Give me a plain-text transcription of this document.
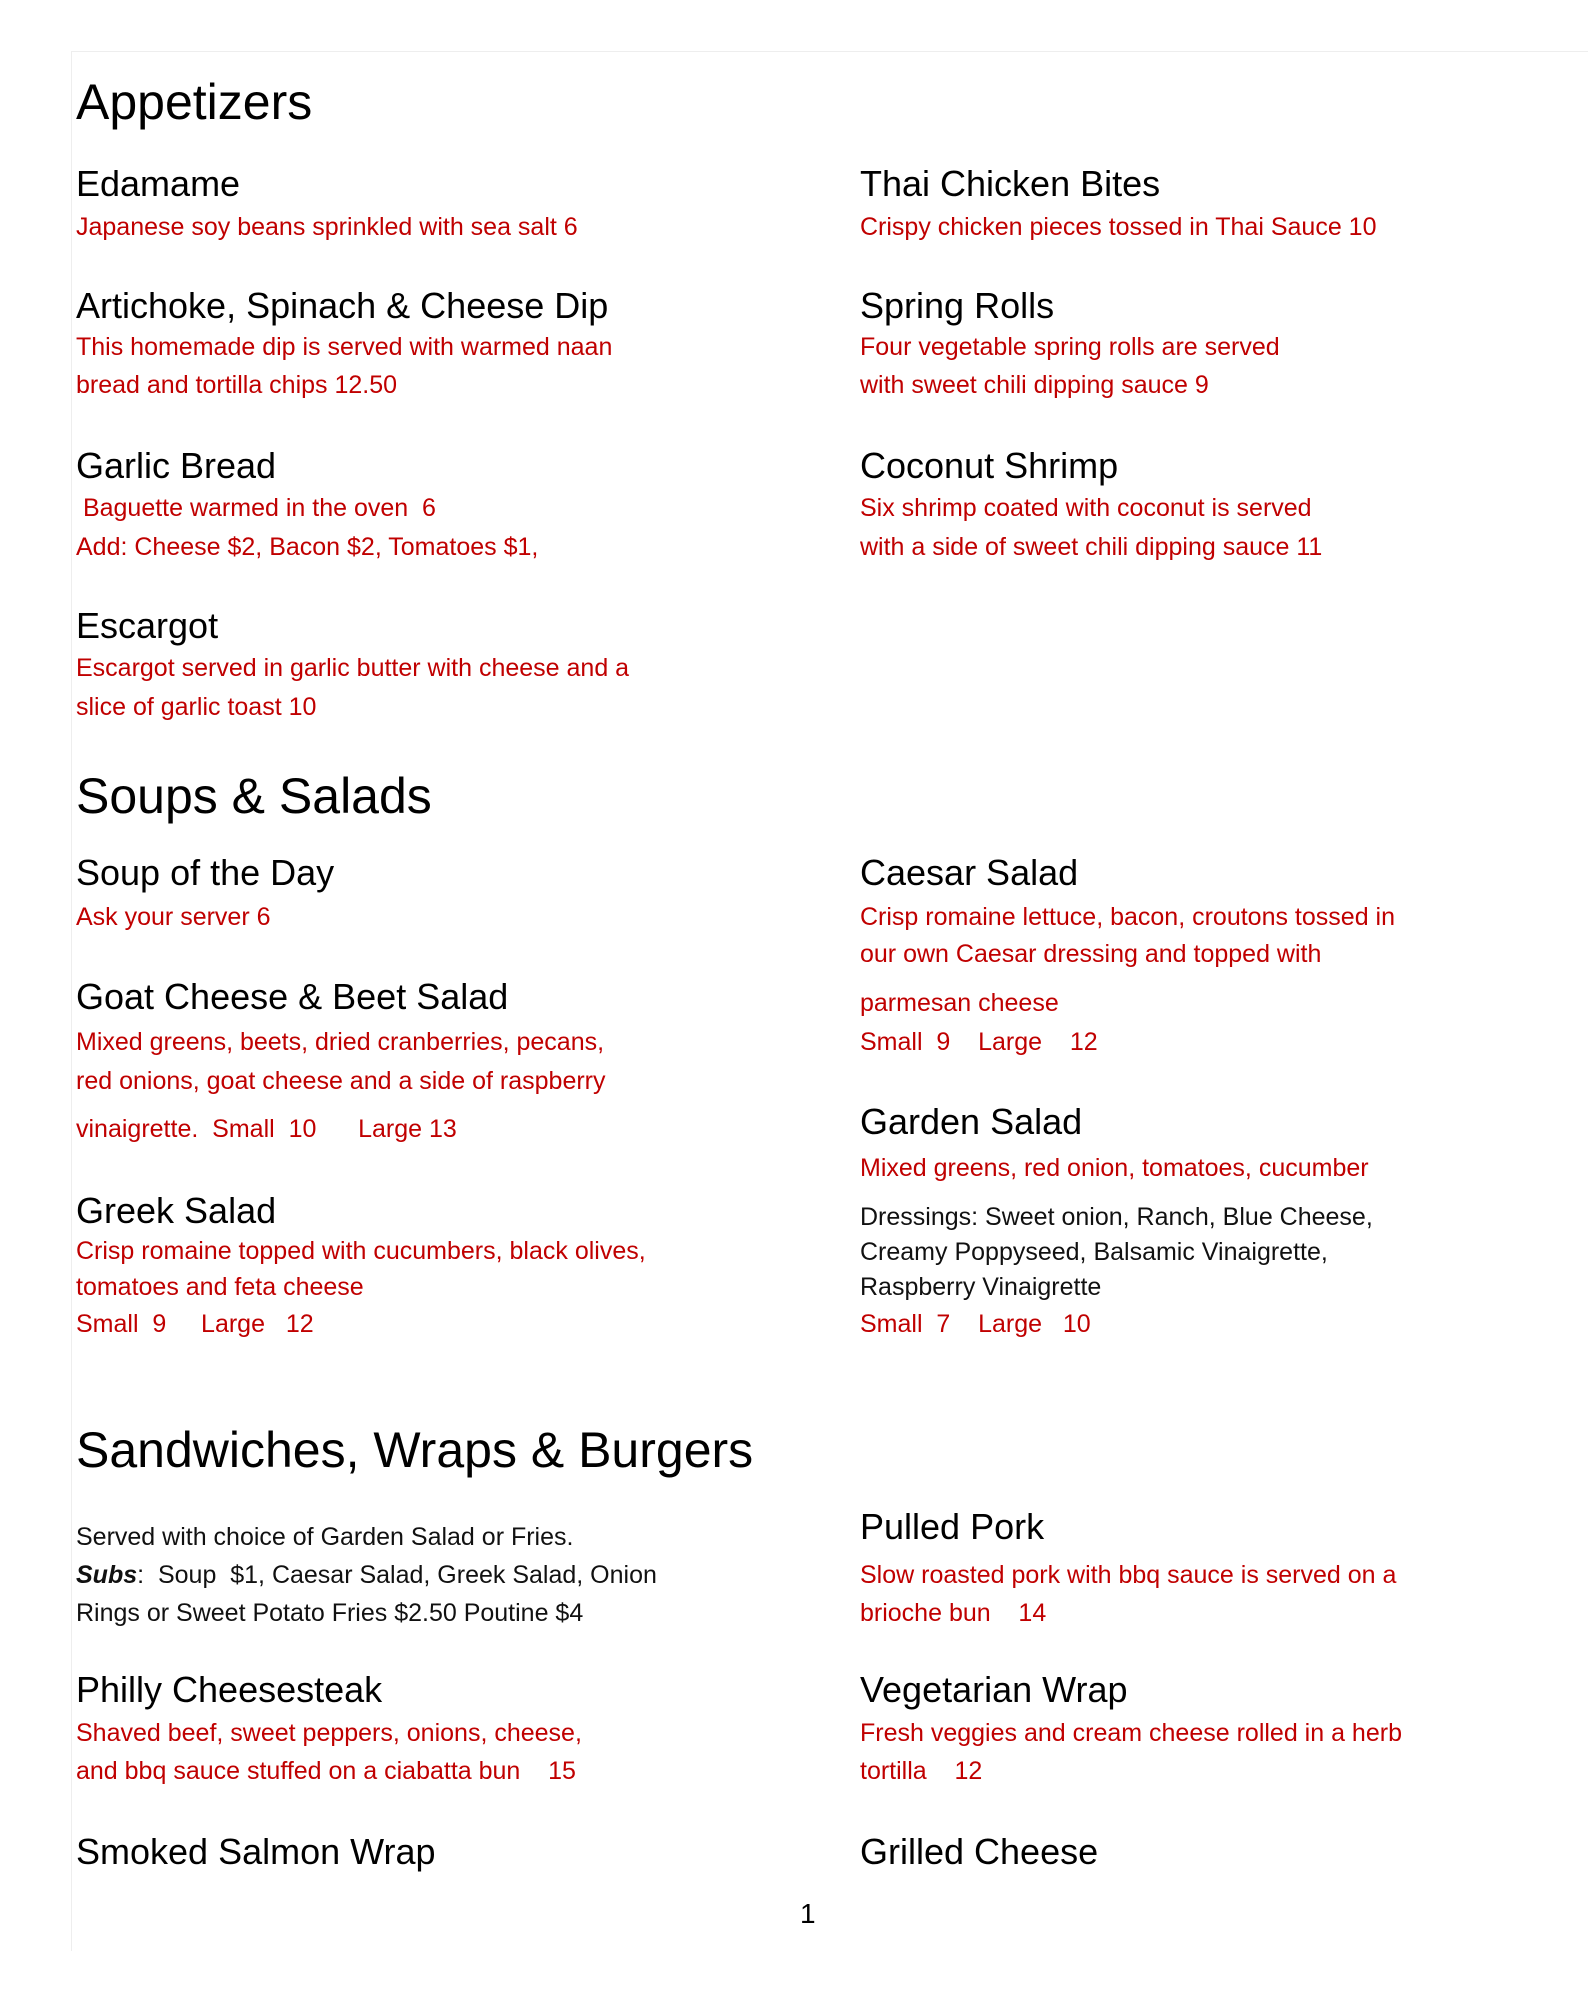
Appetizers
Edamame
Japanese soy beans sprinkled with sea salt 6
Thai Chicken Bites
Crispy chicken pieces tossed in Thai Sauce 10
Artichoke, Spinach & Cheese Dip
This homemade dip is served with warmed naan
bread and tortilla chips 12.50
Spring Rolls
Four vegetable spring rolls are served
with sweet chili dipping sauce 9
Garlic Bread
Baguette warmed in the oven  6
Add: Cheese $2, Bacon $2, Tomatoes $1,
Coconut Shrimp
Six shrimp coated with coconut is served
with a side of sweet chili dipping sauce 11
Escargot
Escargot served in garlic butter with cheese and a
slice of garlic toast 10
Soups & Salads
Soup of the Day
Ask your server 6
Caesar Salad
Crisp romaine lettuce, bacon, croutons tossed in
our own Caesar dressing and topped with
parmesan cheese
Small  9    Large    12
Goat Cheese & Beet Salad
Mixed greens, beets, dried cranberries, pecans,
red onions, goat cheese and a side of raspberry
vinaigrette.  Small  10      Large 13	Garden Salad
Mixed greens, red onion, tomatoes, cucumber
Dressings: Sweet onion, Ranch, Blue Cheese,
Creamy Poppyseed, Balsamic Vinaigrette,
Raspberry Vinaigrette
Small  7    Large   10
Greek Salad
Crisp romaine topped with cucumbers, black olives,
tomatoes and feta cheese
Small  9     Large   12
Sandwiches, Wraps & Burgers
Served with choice of Garden Salad or Fries.
Subs:  Soup  $1, Caesar Salad, Greek Salad, Onion
Rings or Sweet Potato Fries $2.50 Poutine $4
Pulled Pork
Slow roasted pork with bbq sauce is served on a
brioche bun    14
Philly Cheesesteak
Shaved beef, sweet peppers, onions, cheese,
and bbq sauce stuffed on a ciabatta bun    15
Vegetarian Wrap
Fresh veggies and cream cheese rolled in a herb
tortilla    12
Smoked Salmon Wrap	Grilled Cheese
1
